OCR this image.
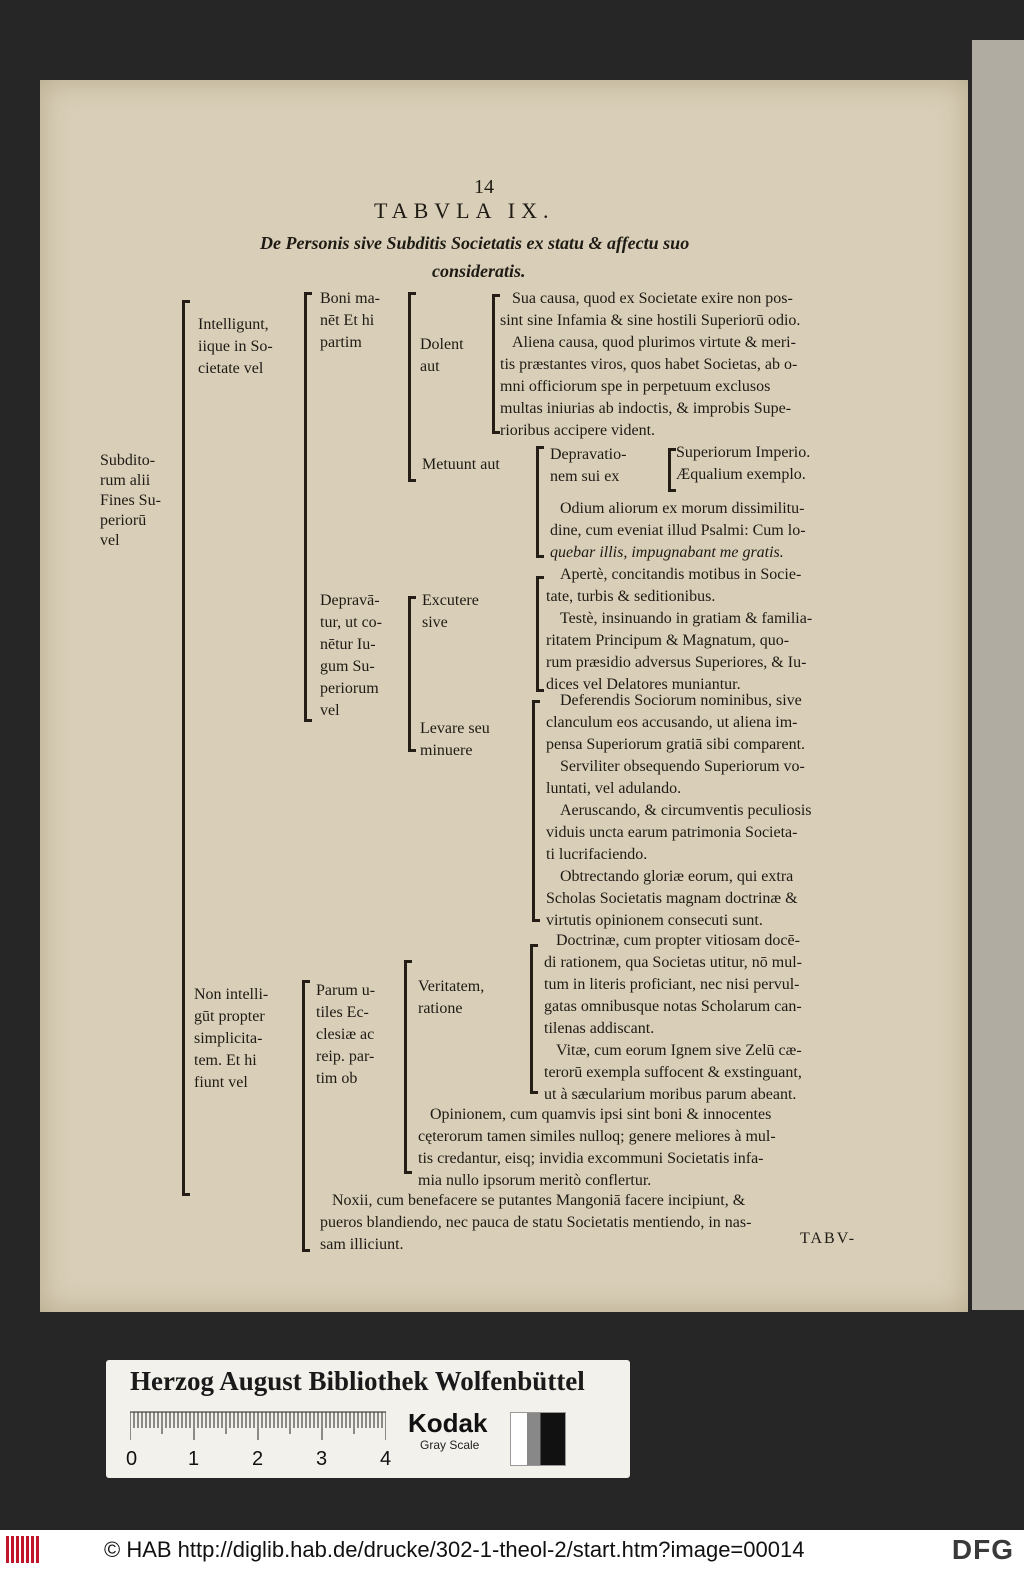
14
TABVLA IX.
De Personis sive Subditis Societatis ex statu & affectu suo
consideratis.
Subdito-
rum alii
Fines Su-
periorū
vel
Intelligunt,
iique in So-
cietate vel
Boni ma-
nēt Et hi
partim	Dolent
aut
Sua causa, quod ex Societate exire non pos-
sint sine Infamia & sine hostili Superiorū odio.
Aliena causa, quod plurimos virtute & meri-
tis præstantes viros, quos habet Societas, ab o-
mni officiorum spe in perpetuum exclusos
multas iniurias ab indoctis, & improbis Supe-
rioribus accipere vident.
Metuunt aut
Depravatio-
nem sui ex
Superiorum Imperio.
Æqualium exemplo.
Odium aliorum ex morum dissimilitu-
dine, cum eveniat illud Psalmi: Cum lo-
quebar illis, impugnabant me gratis.
Depravā-
tur, ut co-
nētur Iu-
gum Su-
periorum
vel
Excutere
sive
Apertè, concitandis motibus in Socie-
tate, turbis & seditionibus.
Testè, insinuando in gratiam & familia-
ritatem Principum & Magnatum, quo-
rum præsidio adversus Superiores, & Iu-
dices vel Delatores muniantur.
Levare seu
minuere
Deferendis Sociorum nominibus, sive
clanculum eos accusando, ut aliena im-
pensa Superiorum gratiā sibi comparent.
Serviliter obsequendo Superiorum vo-
luntati, vel adulando.
Aeruscando, & circumventis peculiosis
viduis uncta earum patrimonia Societa-
ti lucrifaciendo.
Obtrectando gloriæ eorum, qui extra
Scholas Societatis magnam doctrinæ &
virtutis opinionem consecuti sunt.
Non intelli-
gūt propter
simplicita-
tem. Et hi
fiunt vel
Parum u-
tiles Ec-
clesiæ ac
reip. par-
tim ob
Veritatem,
ratione
Doctrinæ, cum propter vitiosam docē-
di rationem, qua Societas utitur, nō mul-
tum in literis proficiant, nec nisi pervul-
gatas omnibusque notas Scholarum can-
tilenas addiscant.
Vitæ, cum eorum Ignem sive Zelū cæ-
terorū exempla suffocent & exstinguant,
ut à sæcularium moribus parum abeant.
Opinionem, cum quamvis ipsi sint boni & innocentes
cęterorum tamen similes nulloq; genere meliores à mul-
tis credantur, eisq; invidia excommuni Societatis infa-
mia nullo ipsorum meritò conflertur.
Noxii, cum benefacere se putantes Mangoniā facere incipiunt, &
pueros blandiendo, nec pauca de statu Societatis mentiendo, in nas-
sam illiciunt.	TABV-
Herzog August Bibliothek Wolfenbüttel
0	1	2	3	4
Kodak
Gray Scale
© HAB http://diglib.hab.de/drucke/302-1-theol-2/start.htm?image=00014	DFG
